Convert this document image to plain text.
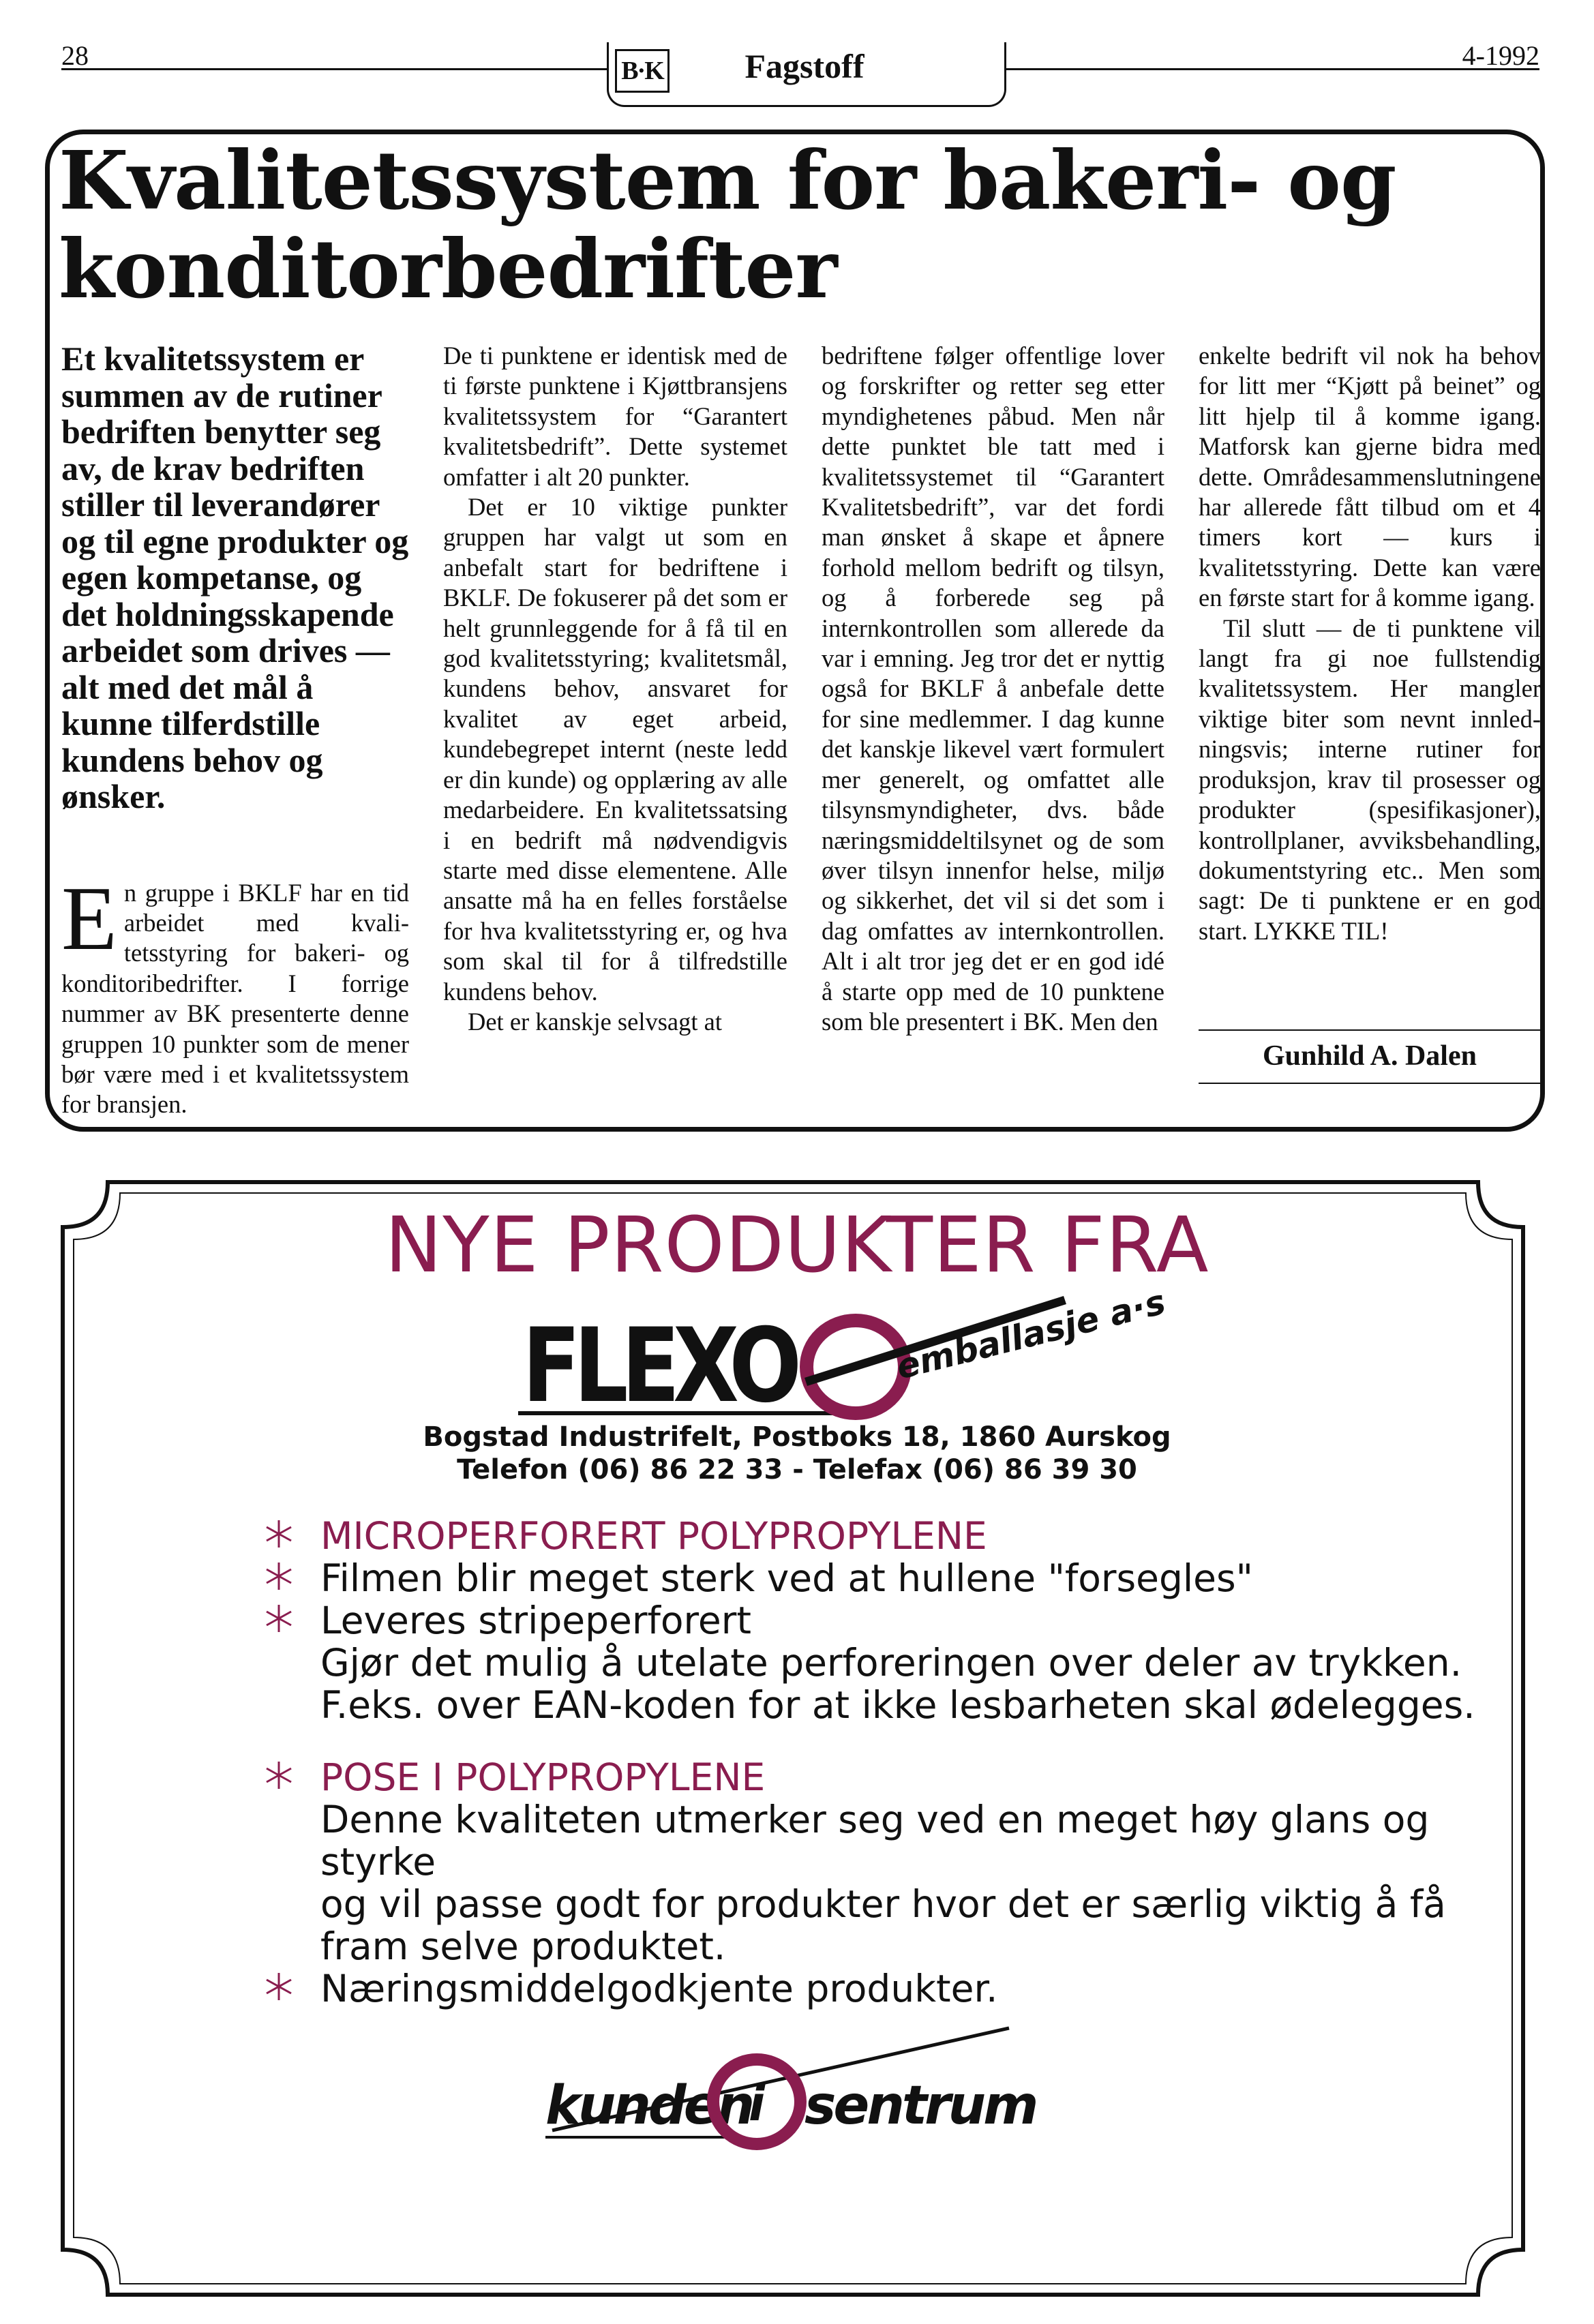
28	4-1992
B·K	Fagstoff
Kvalitetssystem for bakeri- og konditorbedrifter

Et kvalitetssystem er summen av de rutiner bedriften benytter seg av, de krav bedriften stiller til leverandører og til egne produkter og egen kompetanse, og det holdningsskapende arbeidet som drives — alt med det mål å kunne tilferdstille kundens behov og ønsker.

E n gruppe i BKLF har en tid arbeidet med kvalitetsstyring for bakeri- og konditoribedrifter. I forrige nummer av BK presenterte denne gruppen 10 punkter som de mener bør være med i et kvalitetssystem for bransjen.

De ti punktene er identisk med de ti første punktene i Kjøttbransjens kvalitetssystem for “Garantert kvalitetsbedrift”. Dette systemet omfatter i alt 20 punkter.

Det er 10 viktige punkter gruppen har valgt ut som en anbefalt start for bedriftene i BKLF. De fokuserer på det som er helt grunnleggende for å få til en god kvalitetsstyring; kvalitetsmål, kundens behov, ansvaret for kvalitet av eget arbeid, kundebegrepet internt (neste ledd er din kunde) og opplæring av alle medarbeidere. En kvalitetssatsing i en bedrift må nødvendigvis starte med disse elementene. Alle ansatte må ha en felles forståelse for hva kvalitetsstyring er, og hva som skal til for å tilfredstille kundens behov.

Det er kanskje selvsagt at

bedriftene følger offentlige lover og forskrifter og retter seg etter myndighetenes påbud. Men når dette punktet ble tatt med i kvalitetssystemet til “Garantert Kvalitetsbedrift”, var det fordi man ønsket å skape et åpnere forhold mellom bedrift og tilsyn, og å forberede seg på internkontrollen som allerede da var i emning. Jeg tror det er nyttig også for BKLF å anbefale dette for sine medlemmer. I dag kunne det kanskje likevel vært formulert mer generelt, og omfattet alle tilsynsmyndigheter, dvs. både næringsmiddeltilsynet og de som øver tilsyn innenfor helse, miljø og sikkerhet, det vil si det som i dag omfattes av internkontrollen. Alt i alt tror jeg det er en god idé å starte opp med de 10 punktene som ble presentert i BK. Men den

enkelte bedrift vil nok ha behov for litt mer “Kjøtt på beinet” og litt hjelp til å komme igang. Matforsk kan gjerne bidra med dette. Områdesammenslutningene har allerede fått tilbud om et 4 timers kort — kurs i kvalitetsstyring. Dette kan være en første start for å komme igang.

Til slutt — de ti punktene vil langt fra gi noe fullstendig kvalitetssystem. Her mangler viktige biter som nevnt innledningsvis; interne rutiner for produksjon, krav til prosesser og produkter (spesifikasjoner), kontrollplaner, avviksbehandling, dokumentstyring etc.. Men som sagt: De ti punktene er en god start. LYKKE TIL!

Gunhild A. Dalen
NYE PRODUKTER FRA
FLEXO	emballasje a·s
Bogstad Industrifelt, Postboks 18, 1860 Aurskog
Telefon (06) 86 22 33 - Telefax (06) 86 39 30
MICROPERFORERT POLYPROPYLENE
Filmen blir meget sterk ved at hullene "forsegles"
Leveres stripeperforert
Gjør det mulig å utelate perforeringen over deler av trykken.
F.eks. over EAN-koden for at ikke lesbarheten skal ødelegges.
POSE I POLYPROPYLENE
Denne kvaliteten utmerker seg ved en meget høy glans og styrke
og vil passe godt for produkter hvor det er særlig viktig å få
fram selve produktet.
Næringsmiddelgodkjente produkter.
kunden
i sentrum
